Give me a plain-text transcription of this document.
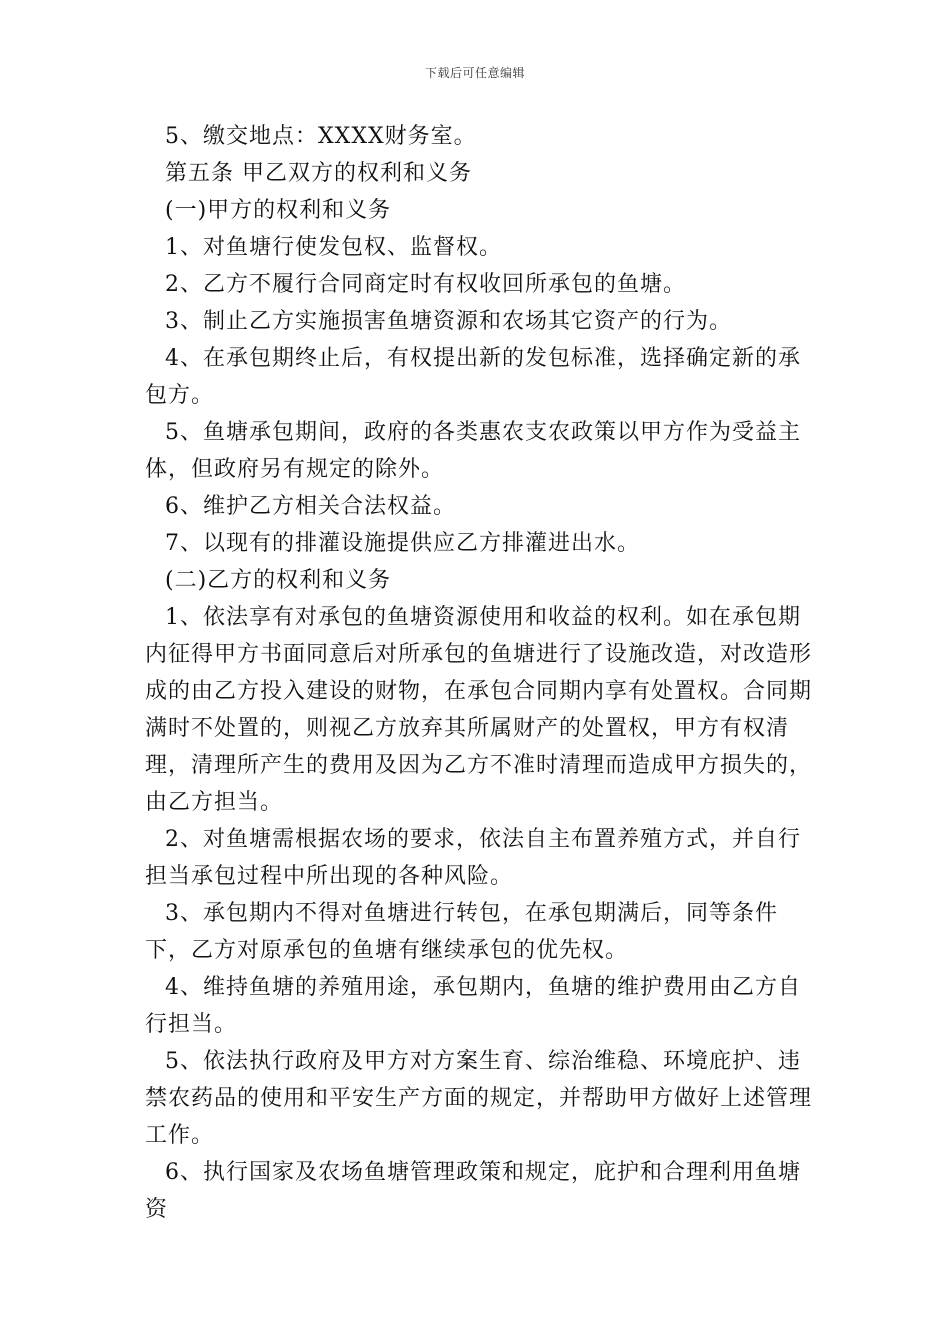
下载后可任意编辑

5、缴交地点：XXXX财务室。

第五条 甲乙双方的权利和义务

(一)甲方的权利和义务

1、对鱼塘行使发包权、监督权。

2、乙方不履行合同商定时有权收回所承包的鱼塘。

3、制止乙方实施损害鱼塘资源和农场其它资产的行为。

4、在承包期终止后，有权提出新的发包标准，选择确定新的承包方。

5、鱼塘承包期间，政府的各类惠农支农政策以甲方作为受益主体，但政府另有规定的除外。

6、维护乙方相关合法权益。

7、以现有的排灌设施提供应乙方排灌进出水。

(二)乙方的权利和义务

1、依法享有对承包的鱼塘资源使用和收益的权利。如在承包期内征得甲方书面同意后对所承包的鱼塘进行了设施改造，对改造形成的由乙方投入建设的财物，在承包合同期内享有处置权。合同期满时不处置的，则视乙方放弃其所属财产的处置权，甲方有权清理，清理所产生的费用及因为乙方不准时清理而造成甲方损失的，由乙方担当。

2、对鱼塘需根据农场的要求，依法自主布置养殖方式，并自行担当承包过程中所出现的各种风险。

3、承包期内不得对鱼塘进行转包，在承包期满后，同等条件下，乙方对原承包的鱼塘有继续承包的优先权。

4、维持鱼塘的养殖用途，承包期内，鱼塘的维护费用由乙方自行担当。

5、依法执行政府及甲方对方案生育、综治维稳、环境庇护、违禁农药品的使用和平安生产方面的规定，并帮助甲方做好上述管理工作。

6、执行国家及农场鱼塘管理政策和规定，庇护和合理利用鱼塘资
